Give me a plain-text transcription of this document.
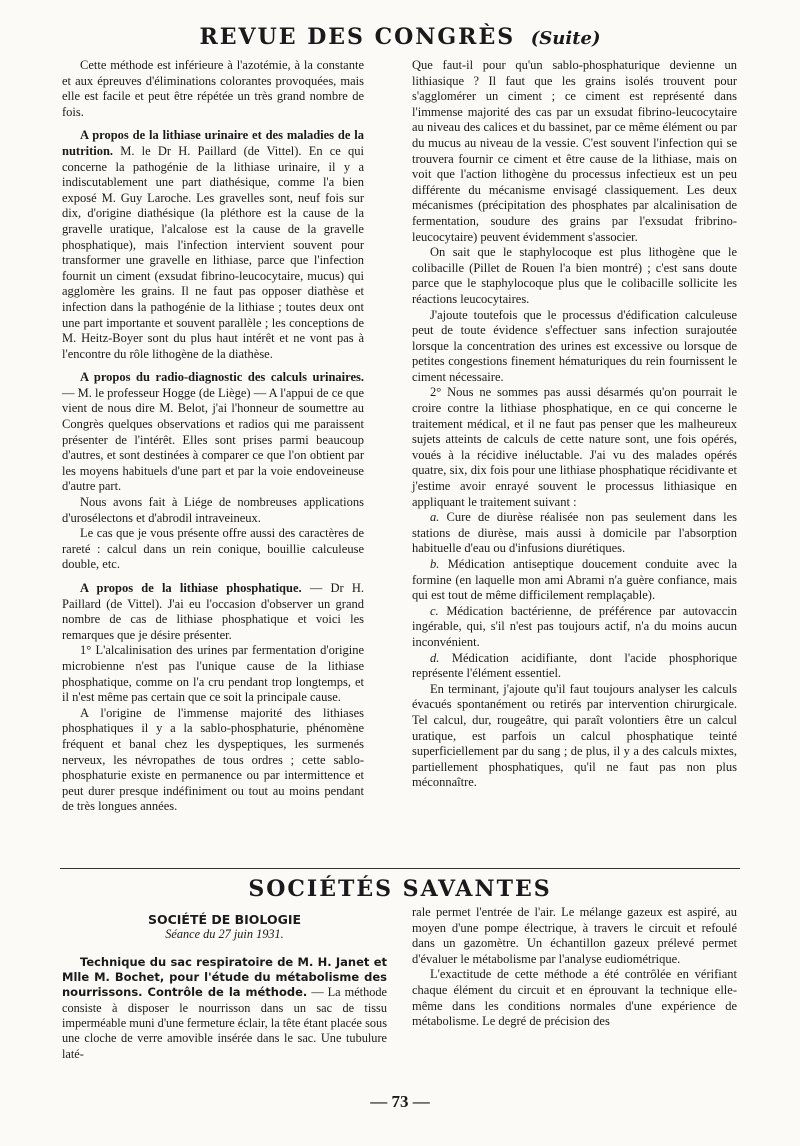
REVUE DES CONGRÈS (Suite)

Cette méthode est inférieure à l'azotémie, à la constante et aux épreuves d'éliminations colorantes provoquées, mais elle est facile et peut être répétée un très grand nombre de fois.

A propos de la lithiase urinaire et des maladies de la nutrition. M. le Dr H. Paillard (de Vittel). En ce qui concerne la pathogénie de la lithiase urinaire, il y a indiscutablement une part diathésique, comme l'a bien exposé M. Guy Laroche. Les gravelles sont, neuf fois sur dix, d'origine diathésique (la pléthore est la cause de la gravelle uratique, l'alcalose est la cause de la gravelle phosphatique), mais l'infection intervient souvent pour transformer une gravelle en lithiase, parce que l'infection fournit un ciment (exsudat fibrino-leucocytaire, mucus) qui agglomère les grains. Il ne faut pas opposer diathèse et infection dans la pathogénie de la lithiase ; toutes deux ont une part importante et souvent parallèle ; les conceptions de M. Heitz-Boyer sont du plus haut intérêt et ne vont pas à l'encontre du rôle lithogène de la diathèse.

A propos du radio-diagnostic des calculs urinaires. — M. le professeur Hogge (de Liège) — A l'appui de ce que vient de nous dire M. Belot, j'ai l'honneur de soumettre au Congrès quelques observations et radios qui me paraissent présenter de l'intérêt. Elles sont prises parmi beaucoup d'autres, et sont destinées à comparer ce que l'on obtient par les moyens habituels d'une part et par la voie endoveineuse d'autre part.

Nous avons fait à Liége de nombreuses applications d'urosélectons et d'abrodil intraveineux.

Le cas que je vous présente offre aussi des caractères de rareté : calcul dans un rein conique, bouillie calculeuse double, etc.

A propos de la lithiase phosphatique. — Dr H. Paillard (de Vittel). J'ai eu l'occasion d'observer un grand nombre de cas de lithiase phosphatique et voici les remarques que je désire présenter.

1° L'alcalinisation des urines par fermentation d'origine microbienne n'est pas l'unique cause de la lithiase phosphatique, comme on l'a cru pendant trop longtemps, et il n'est même pas certain que ce soit la principale cause.

A l'origine de l'immense majorité des lithiases phosphatiques il y a la sablo-phosphaturie, phénomène fréquent et banal chez les dyspeptiques, les surmenés nerveux, les névropathes de tous ordres ; cette sablo-phosphaturie existe en permanence ou par intermittence et peut durer presque indéfiniment ou tout au moins pendant de très longues années.

Que faut-il pour qu'un sablo-phosphaturique devienne un lithiasique ? Il faut que les grains isolés trouvent pour s'agglomérer un ciment ; ce ciment est représenté dans l'immense majorité des cas par un exsudat fibrino-leucocytaire au niveau des calices et du bassinet, par ce même élément ou par du mucus au niveau de la vessie. C'est souvent l'infection qui se trouvera fournir ce ciment et être cause de la lithiase, mais on voit que l'action lithogène du processus infectieux est un peu différente du mécanisme envisagé classiquement. Les deux mécanismes (précipitation des phosphates par alcalinisation de fermentation, soudure des grains par l'exsudat fribrino-leucocytaire) peuvent évidemment s'associer.

On sait que le staphylocoque est plus lithogène que le colibacille (Pillet de Rouen l'a bien montré) ; c'est sans doute parce que le staphylocoque plus que le colibacille sollicite les réactions leucocytaires.

J'ajoute toutefois que le processus d'édification calculeuse peut de toute évidence s'effectuer sans infection surajoutée lorsque la concentration des urines est excessive ou lorsque de petites congestions finement hématuriques du rein fournissent le ciment nécessaire.

2° Nous ne sommes pas aussi désarmés qu'on pourrait le croire contre la lithiase phosphatique, en ce qui concerne le traitement médical, et il ne faut pas penser que les malheureux sujets atteints de calculs de cette nature sont, une fois opérés, voués à la récidive inéluctable. J'ai vu des malades opérés quatre, six, dix fois pour une lithiase phosphatique récidivante et j'estime avoir enrayé souvent le processus lithiasique en appliquant le traitement suivant :

a. Cure de diurèse réalisée non pas seulement dans les stations de diurèse, mais aussi à domicile par l'absorption habituelle d'eau ou d'infusions diurétiques.

b. Médication antiseptique doucement conduite avec la formine (en laquelle mon ami Abrami n'a guère confiance, mais qui est tout de même difficilement remplaçable).

c. Médication bactérienne, de préférence par autovaccin ingérable, qui, s'il n'est pas toujours actif, n'a du moins aucun inconvénient.

d. Médication acidifiante, dont l'acide phosphorique représente l'élément essentiel.

En terminant, j'ajoute qu'il faut toujours analyser les calculs évacués spontanément ou retirés par intervention chirurgicale. Tel calcul, dur, rougeâtre, qui paraît volontiers être un calcul uratique, est parfois un calcul phosphatique teinté superficiellement par du sang ; de plus, il y a des calculs mixtes, partiellement phosphatiques, qu'il ne faut pas non plus méconnaître.

SOCIÉTÉS SAVANTES

SOCIÉTÉ DE BIOLOGIE

Séance du 27 juin 1931.

Technique du sac respiratoire de M. H. Janet et Mlle M. Bochet, pour l'étude du métabolisme des nourrissons. Contrôle de la méthode. — La méthode consiste à disposer le nourrisson dans un sac de tissu imperméable muni d'une fermeture éclair, la tête étant placée sous une cloche de verre amovible insérée dans le sac. Une tubulure laté-

rale permet l'entrée de l'air. Le mélange gazeux est aspiré, au moyen d'une pompe électrique, à travers le circuit et refoulé dans un gazomètre. Un échantillon gazeux prélevé permet d'évaluer le métabolisme par l'analyse eudiométrique.

L'exactitude de cette méthode a été contrôlée en vérifiant chaque élément du circuit et en éprouvant la technique elle-même dans les conditions normales d'une expérience de métabolisme. Le degré de précision des

— 73 —
